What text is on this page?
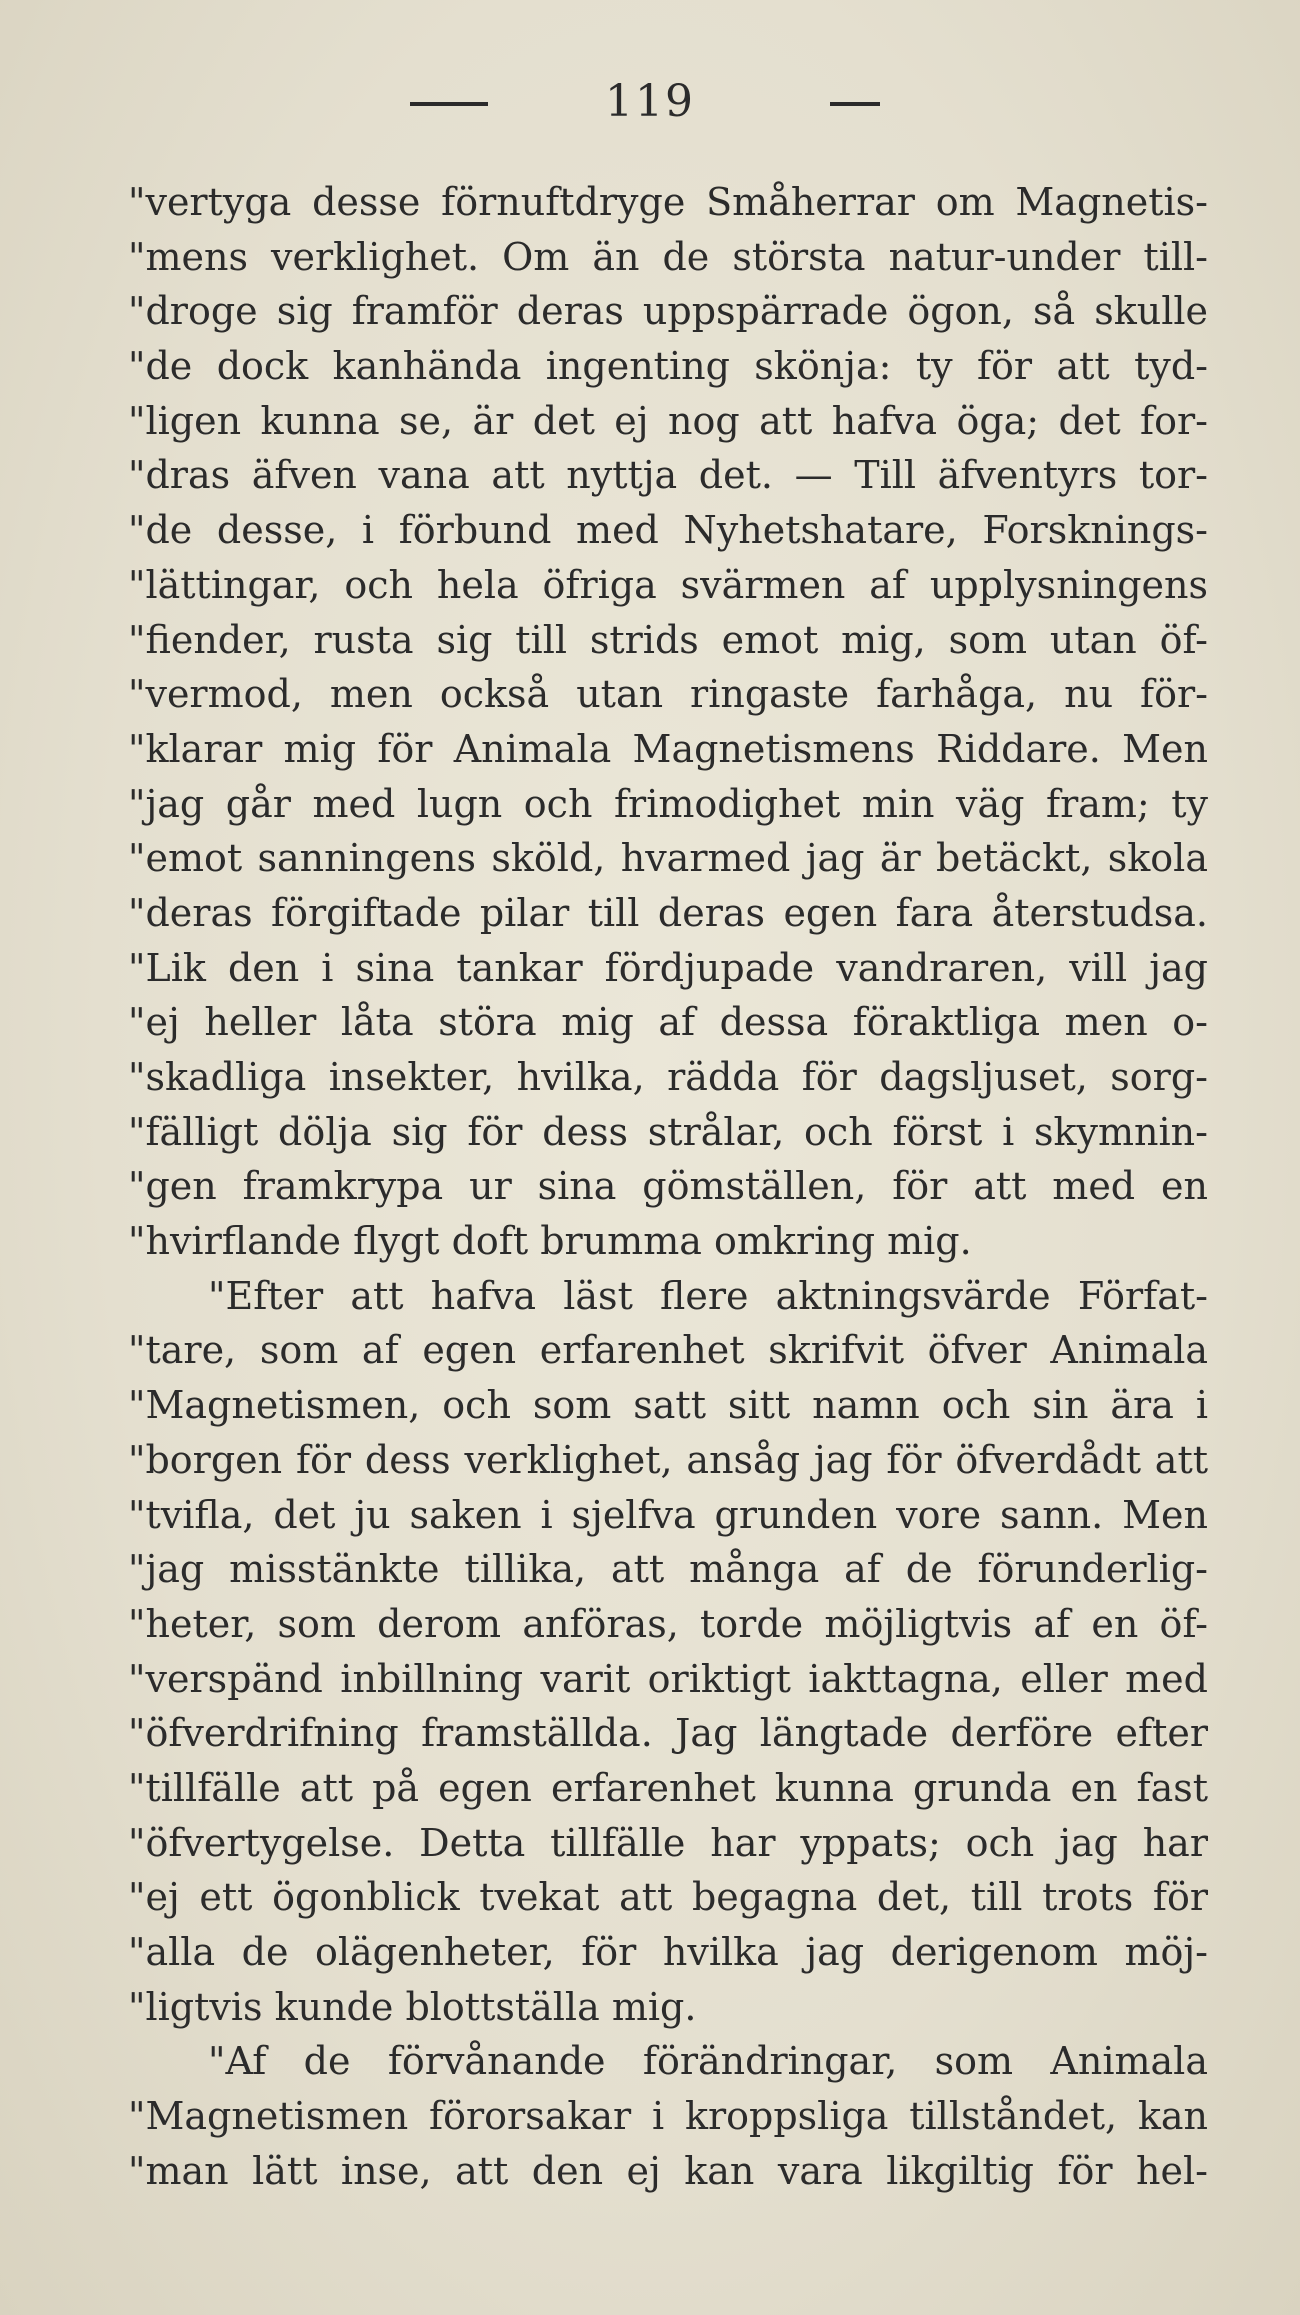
119
"vertyga desse förnuftdryge Småherrar om Magnetis-
"mens verklighet. Om än de största natur-under till-
"droge sig framför deras uppspärrade ögon, så skulle
"de dock kanhända ingenting skönja: ty för att tyd-
"ligen kunna se, är det ej nog att hafva öga; det for-
"dras äfven vana att nyttja det. — Till äfventyrs tor-
"de desse, i förbund med Nyhetshatare, Forsknings-
"lättingar, och hela öfriga svärmen af upplysningens
"fiender, rusta sig till strids emot mig, som utan öf-
"vermod, men också utan ringaste farhåga, nu för-
"klarar mig för Animala Magnetismens Riddare. Men
"jag går med lugn och frimodighet min väg fram; ty
"emot sanningens sköld, hvarmed jag är betäckt, skola
"deras förgiftade pilar till deras egen fara återstudsa.
"Lik den i sina tankar fördjupade vandraren, vill jag
"ej heller låta störa mig af dessa föraktliga men o-
"skadliga insekter, hvilka, rädda för dagsljuset, sorg-
"fälligt dölja sig för dess strålar, och först i skymnin-
"gen framkrypa ur sina gömställen, för att med en
"hvirflande flygt doft brumma omkring mig.
"Efter att hafva läst flere aktningsvärde Förfat-
"tare, som af egen erfarenhet skrifvit öfver Animala
"Magnetismen, och som satt sitt namn och sin ära i
"borgen för dess verklighet, ansåg jag för öfverdådt att
"tvifla, det ju saken i sjelfva grunden vore sann. Men
"jag misstänkte tillika, att många af de förunderlig-
"heter, som derom anföras, torde möjligtvis af en öf-
"verspänd inbillning varit oriktigt iakttagna, eller med
"öfverdrifning framställda. Jag längtade derföre efter
"tillfälle att på egen erfarenhet kunna grunda en fast
"öfvertygelse. Detta tillfälle har yppats; och jag har
"ej ett ögonblick tvekat att begagna det, till trots för
"alla de olägenheter, för hvilka jag derigenom möj-
"ligtvis kunde blottställa mig.
"Af de förvånande förändringar, som Animala
"Magnetismen förorsakar i kroppsliga tillståndet, kan
"man lätt inse, att den ej kan vara likgiltig för hel-
